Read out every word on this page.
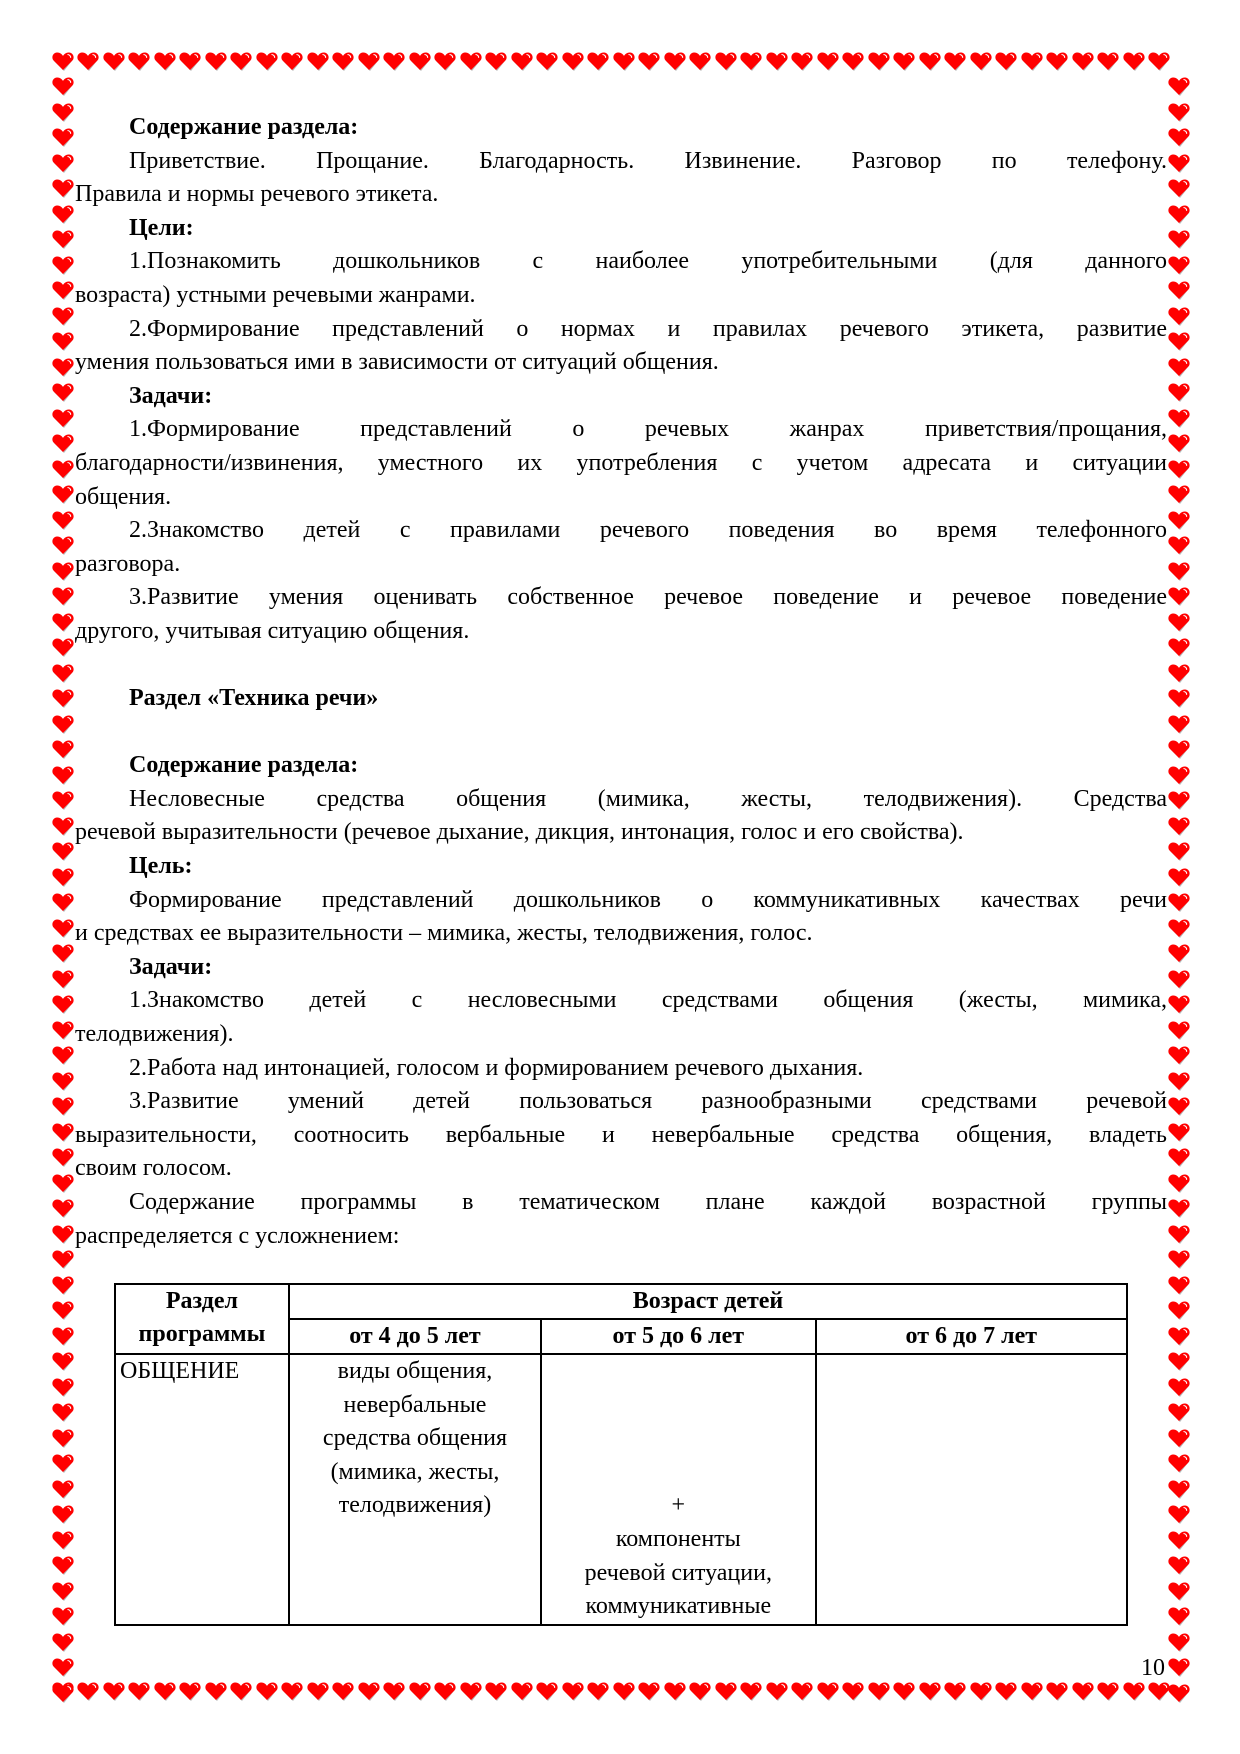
Содержание раздела:
Приветствие. Прощание. Благодарность. Извинение. Разговор по телефону.
Правила и нормы речевого этикета.
Цели:
1.Познакомить дошкольников с наиболее употребительными (для данного
возраста) устными речевыми жанрами.
2.Формирование представлений о нормах и правилах речевого этикета, развитие
умения пользоваться ими в зависимости от ситуаций общения.
Задачи:
1.Формирование представлений о речевых жанрах приветствия/прощания,
благодарности/извинения, уместного их употребления с учетом адресата и ситуации
общения.
2.Знакомство детей с правилами речевого поведения во время телефонного
разговора.
3.Развитие умения оценивать собственное речевое поведение и речевое поведение
другого, учитывая ситуацию общения.
Раздел «Техника речи»
Содержание раздела:
Несловесные средства общения (мимика, жесты, телодвижения). Средства
речевой выразительности (речевое дыхание, дикция, интонация, голос и его свойства).
Цель:
Формирование представлений дошкольников о коммуникативных качествах речи
и средствах ее выразительности – мимика, жесты, телодвижения, голос.
Задачи:
1.Знакомство детей с несловесными средствами общения (жесты, мимика,
телодвижения).
2.Работа над интонацией, голосом и формированием речевого дыхания.
3.Развитие умений детей пользоваться разнообразными средствами речевой
выразительности, соотносить вербальные и невербальные средства общения, владеть
своим голосом.
Содержание программы в тематическом плане каждой возрастной группы
распределяется с усложнением:
Раздел
программы	Возраст детей		
	от 4 до 5 лет	от 5 до 6 лет	от 6 до 7 лет
ОБЩЕНИЕ	виды общения,
невербальные
средства общения
(мимика, жесты,
телодвижения)	+
компоненты
речевой ситуации,
коммуникативные

10
